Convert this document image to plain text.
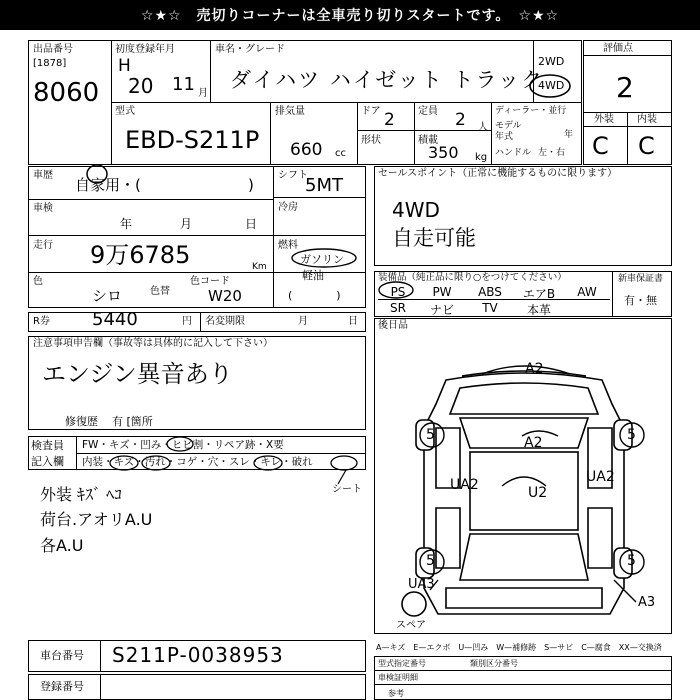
☆★☆　売切りコーナーは全車売り切りスタートです。　☆★☆
出品番号
[1878]
8060
初度登録年月
H
20 11 月
車名・グレード
ダイハツ ハイゼット トラック
2WD
4WD
型式
EBD-S211P
排気量
660 cc
ドア 2
形状
定員 2 人
積載
350 kg
ディーラー・並行
モデル
年式	年
ハンドル 左・右
評価点
2
外装 内装
C C
車歴
自家用・(	)
車検
年	月	日
走行 9万6785	Km
色
シロ	色替
色コード
W20
シフト
5MT
冷房
燃料
ガソリン
軽油
(　　　　)
セールスポイント（正常に機能するものに限ります）
4WD
自走可能
装備品（純正品に限り○をつけてください）
PS	PW	ABS	エアB	AW
SR	ナビ	TV	本革
新車保証書
有・無
後日品
R券 5440	円 名変期限	月	日
注意事項申告欄（事故等は具体的に記入して下さい）
エンジン異音あり
修復歴 有 [箇所
検査員
記入欄
FW・キズ・凹み・ヒビ割・リペア跡・X要
内装・キズ・汚れ・コゲ・穴・スレ・キレ・破れ
シート
外装 ｷｽﾞ ﾍｺ
荷台.アオリA.U
各A.U
A2
A2
U2
UA2	UA2
5	5
5	5
UA3
A3
スペア
車台番号 S211P-0038953
登録番号
A—キズ　E—エクボ　U—凹み　W—補修跡　S—サビ　C—腐食　XX—交換済
型式指定番号	類別区分番号
車検証明細
参考
